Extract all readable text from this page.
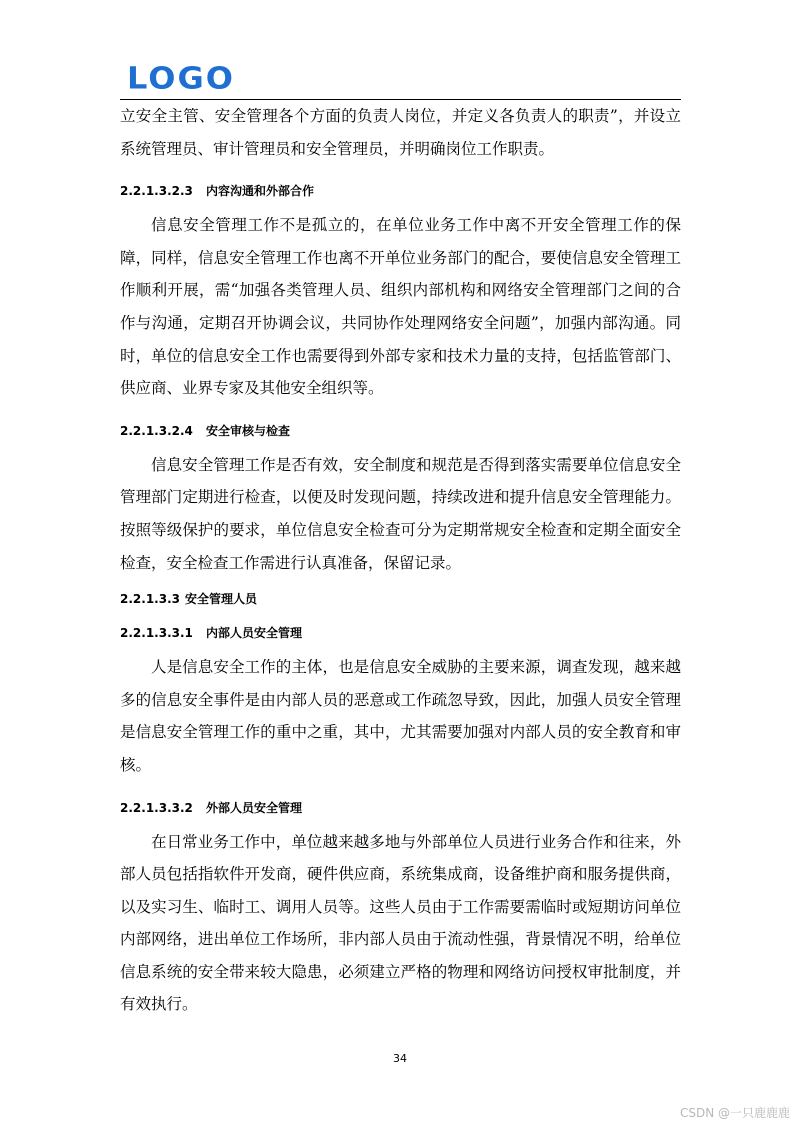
LOGO

立安全主管、安全管理各个方面的负责人岗位，并定义各负责人的职责”，并设立系统管理员、审计管理员和安全管理员，并明确岗位工作职责。

2.2.1.3.2.3 内容沟通和外部合作

信息安全管理工作不是孤立的，在单位业务工作中离不开安全管理工作的保障，同样，信息安全管理工作也离不开单位业务部门的配合，要使信息安全管理工作顺利开展，需“加强各类管理人员、组织内部机构和网络安全管理部门之间的合作与沟通，定期召开协调会议，共同协作处理网络安全问题”，加强内部沟通。同时，单位的信息安全工作也需要得到外部专家和技术力量的支持，包括监管部门、供应商、业界专家及其他安全组织等。

2.2.1.3.2.4 安全审核与检查

信息安全管理工作是否有效，安全制度和规范是否得到落实需要单位信息安全管理部门定期进行检查，以便及时发现问题，持续改进和提升信息安全管理能力。按照等级保护的要求，单位信息安全检查可分为定期常规安全检查和定期全面安全检查，安全检查工作需进行认真准备，保留记录。

2.2.1.3.3 安全管理人员
2.2.1.3.3.1 内部人员安全管理

人是信息安全工作的主体，也是信息安全威胁的主要来源，调查发现，越来越多的信息安全事件是由内部人员的恶意或工作疏忽导致，因此，加强人员安全管理是信息安全管理工作的重中之重，其中，尤其需要加强对内部人员的安全教育和审核。

2.2.1.3.3.2 外部人员安全管理

在日常业务工作中，单位越来越多地与外部单位人员进行业务合作和往来，外部人员包括指软件开发商，硬件供应商，系统集成商，设备维护商和服务提供商，以及实习生、临时工、调用人员等。这些人员由于工作需要需临时或短期访问单位内部网络，进出单位工作场所，非内部人员由于流动性强，背景情况不明，给单位信息系统的安全带来较大隐患，必须建立严格的物理和网络访问授权审批制度，并有效执行。

34
CSDN @一只鹿鹿鹿
